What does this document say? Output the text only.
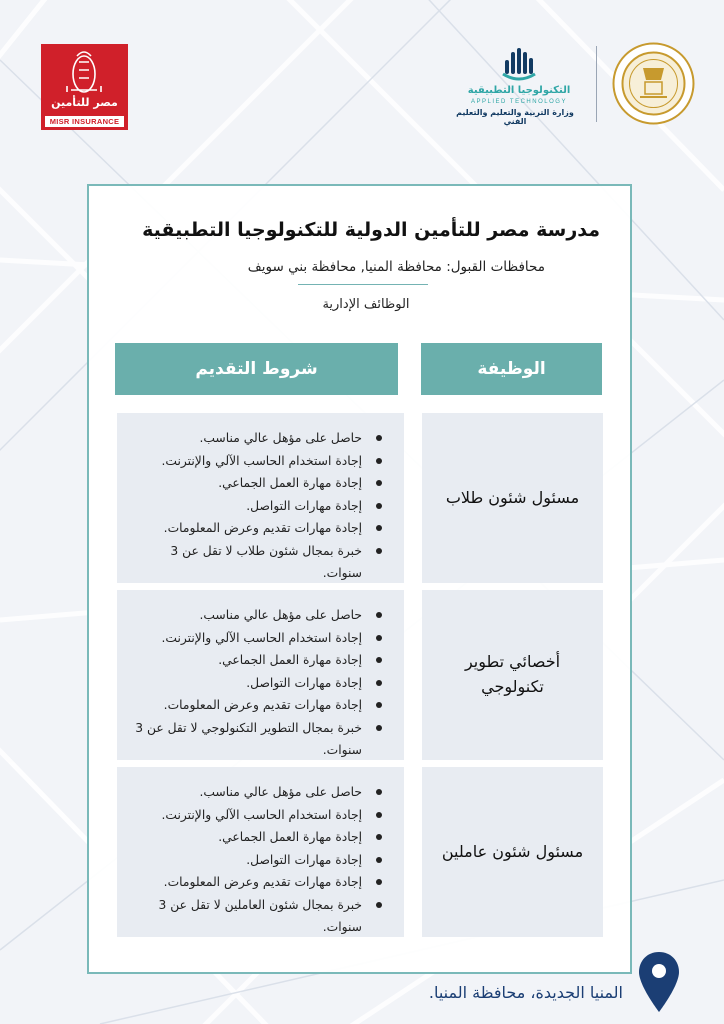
مصر للتأمين
MISR INSURANCE
التكنولوجيا التطبيقية
APPLIED TECHNOLOGY
وزارة التربية والتعليم والتعليم الفني
مدرسة مصر للتأمين الدولية للتكنولوجيا التطبيقية
محافظات القبول: محافظة المنيا, محافظة بني سويف
الوظائف الإدارية
الوظيفة
شروط التقديم
مسئول شئون طلاب
حاصل على مؤهل عالي مناسب.
إجادة استخدام الحاسب الآلي والإنترنت.
إجادة مهارة العمل الجماعي.
إجادة مهارات التواصل.
إجادة مهارات تقديم وعرض المعلومات.
خبرة بمجال شئون طلاب لا تقل عن 3 سنوات.
أخصائي تطوير تكنولوجي
حاصل على مؤهل عالي مناسب.
إجادة استخدام الحاسب الآلي والإنترنت.
إجادة مهارة العمل الجماعي.
إجادة مهارات التواصل.
إجادة مهارات تقديم وعرض المعلومات.
خبرة بمجال التطوير التكنولوجي لا تقل عن 3 سنوات.
مسئول شئون عاملين
حاصل على مؤهل عالي مناسب.
إجادة استخدام الحاسب الآلي والإنترنت.
إجادة مهارة العمل الجماعي.
إجادة مهارات التواصل.
إجادة مهارات تقديم وعرض المعلومات.
خبرة بمجال شئون العاملين لا تقل عن 3 سنوات.
المنيا الجديدة، محافظة المنيا.
